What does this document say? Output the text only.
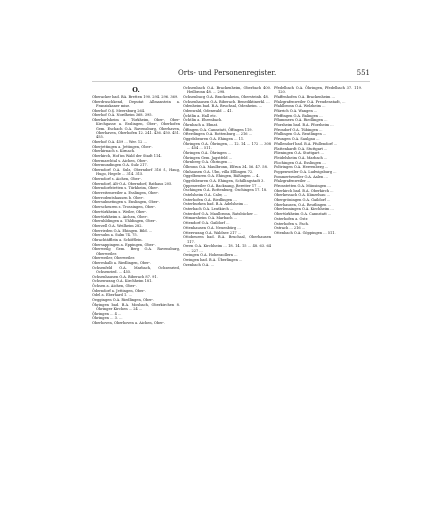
Orts- und Personenregister.	551
O.
Oberacker bad. BA. Bretten 190. 294. 296. 369.
Oberdruschkend, Deputat Allmanstein a. Franziskaner mise.
Oberhof O.S. Meersburg 264.
Oberhof O.Ä. Nordheim 368. 395.
Oberkarlsheim a. Türkheim, Ober-, Ober-Kirchgasse a. Esslingen, Ober-, Oberhofen Gem. Eschach O.A. Ravensburg, Oberhaven, Oberhaven, Oberhofen 12. 241. 436. 450. 451. 455.
Oberhof O.A. 459 ... Wer. 12 ...
Oberjettingen a. Jettingen, Ober-.
Oberkirnach s. Kirnach.
Oberkirch, Hof im Wald der Stadt 114.
Obermarchtal s. Aichen, Ober-.
Obermundingen O.A. Sulz 217.
Oberndorf O.A. Sulz, Oberndorf 316 f., Haug, Hugo, Hegele ... 314. 315.
Oberndorf s. Aichen, Ober-.
Oberndorf, Alt-O.A. Oberndorf, Rathaus 205.
Oberndorfstetten s. Türkheim, Ober-.
Oberreitenweiler a. Esslingen, Ober-.
Oberrodentshausen b. Ober-.
Obersulmetingen s. Enslingen, Ober-.
Oberscheuren s. Trossingen, Ober-.
Obertürkheim s. Weiler, Ober-.
Obertürkheim s. Aichen, Ober-.
Oberuhldingen a. Uhldingen, Ober-.
Oberzell O.A. Weilheim 282.
Oberrieden O.A. Ehingen. Bild. ...
Obersulm a. Sulm 74. 75.
Obrachtäfflein a. Schöfflein.
Obersappingen a. Eppingen, Ober-.
Oberweilg Gem. Berg O.A. Ravensburg, Oberweiler.
Oberweiler, Oberweiler.
Obereshalb a. Riedlingen, Ober-.
Ochsenfeld O.A. Marbach, Ochsenried, Ochsenried. ... 455.
Ochsenhausen O.A. Biberach 87. 91.
Ochsenwang O.A. Kirchheim 181.
Öchsen a. Aichen, Ober-.
Öderndorf a. Jettingen, Ober-.
Odel a. Eberhard 1. ...
Oeggingen O.A. Riedlingen, Ober-.
Öhringen bad. B.A. Mosbach, Oberkirchen 8. Öhringer Kirchen ... 24 ...
Öhringen ... 4 ...
Öhringen ... 3. ...
Oberhoven, Oberhoven a. Aichen, Ober-.
Ochsenbach O.A. Brackenheim, Oberbach 400. Heilbronn 48. ... 298.
Ochsenbucg O.A. Brackenheim, Obersteinb. 48.
Ochsenhausen O.A. Biberach. Benediktinerkl. ...
Odenheim bad. B.A. Bruchsal, Odenheim. ...
Odenwald, Odenwald ... 41.
Öchtlin a. Hall etc.
Öchtlin a. Ehrenbach.
Öhrnbach a. Ebnat.
Öffingen O.A. Cannstatt, Öffingen 119.
Ofterdingen O.A. Rottenburg ... 216 ...
Oggelsbeuren O.A. Ehingen ... 11.
Öhringen O.A. Öhringen, ... 12. 14 ... 172 ... 308 ... 454 ... 511.
Öhringen O.A. Öhringen ...
Öhringen Gem. Jagstfeld ...
Ohrnberg O.A. Öhringen ...
Ölbronn O.A. Maulbronn, Elfrun 34. 56. 47. 58.
Olnhausen O.A. Ulm, villa Elllingen 72.
Oggelbeuren O.A. Ehingen, Bäßingen ... 4.
Oggelsbeuren O.A. Ehingen, Schillingstadt 3.
Oppenweiler O.A. Backnang, Bereiter 17 ...
Öschingen O.A. Rottenburg, Öschingen 17. 18.
Ostelsheim O.A. Calw, ...
Osterhofen O.A. Riedlingen ...
Osterburken bad. B.A. Adelsheim ...
Osterbach O.A. Leutkirch ...
Osterdorf O.A. Maulbronn, Ratsbücher ...
Ottmarsheim O.A. Marbach ...
Ottendorf O.A. Gaildorf ...
Ottenhausen O.A. Neuenbürg ...
Otterswang O.A. Waldsee 217 ...
Ottobeuren bad. B.A. Bruchsal, Oberhausen 117.
Owen O.A. Kirchheim ... 18. 14. 15 ... 48. 63. 64 ... 227 ...
Owingen O.A. Hohenzollern ...
Owingen bad. B.A. Überlingen ...
Ozenbach O.A. ...
Pfedelbach O.A. Öhringen, Pfedelbach 37. 119. 120.
Pfaffenhofen O.A. Brackenheim ...
Pfalzgrafenweiler O.A. Freudenstadt, ...
Pfahlbronn O.A. Welzheim ...
Pfärrich O.A. Wangen ...
Pfeffingen O.A. Balingen ...
Pflummern O.A. Riedlingen ...
Pforzheim bad. B.A. Pforzheim ...
Pfrondorf O.A. Tübingen ...
Pfullingen O.A. Reutlingen ...
Pfrungen O.A. Saulgau ...
Pfullendorf bad. B.A. Pfullendorf ...
Plattenhardt O.A. Stuttgart ...
Plieningen O.A. Stuttgart ...
Pleidelsheim O.A. Marbach ...
Plochingen O.A. Esslingen ...
Poltringen O.A. Herrenberg ...
Poppenweiler O.A. Ludwigsburg ...
Pommertsweiler O.A. Aalen ...
Pfalzgrafenweiler ...
Pfronstetten O.A. Münsingen ...
Oberkirch bad. B.A. Oberkirch ...
Oberkessach O.A. Künzelsau ...
Obergröningen O.A. Gaildorf ...
Oberhausen, O.A. Reutlingen ...
Oberlenningen O.A. Kirchheim ...
Obertürkheim O.A. Cannstatt ...
Osterhofen a. Ostr.
Osterhofen s. Fach.
Ostrach ... 216 ...
Ottenbach O.A. Göppingen ... 511.
